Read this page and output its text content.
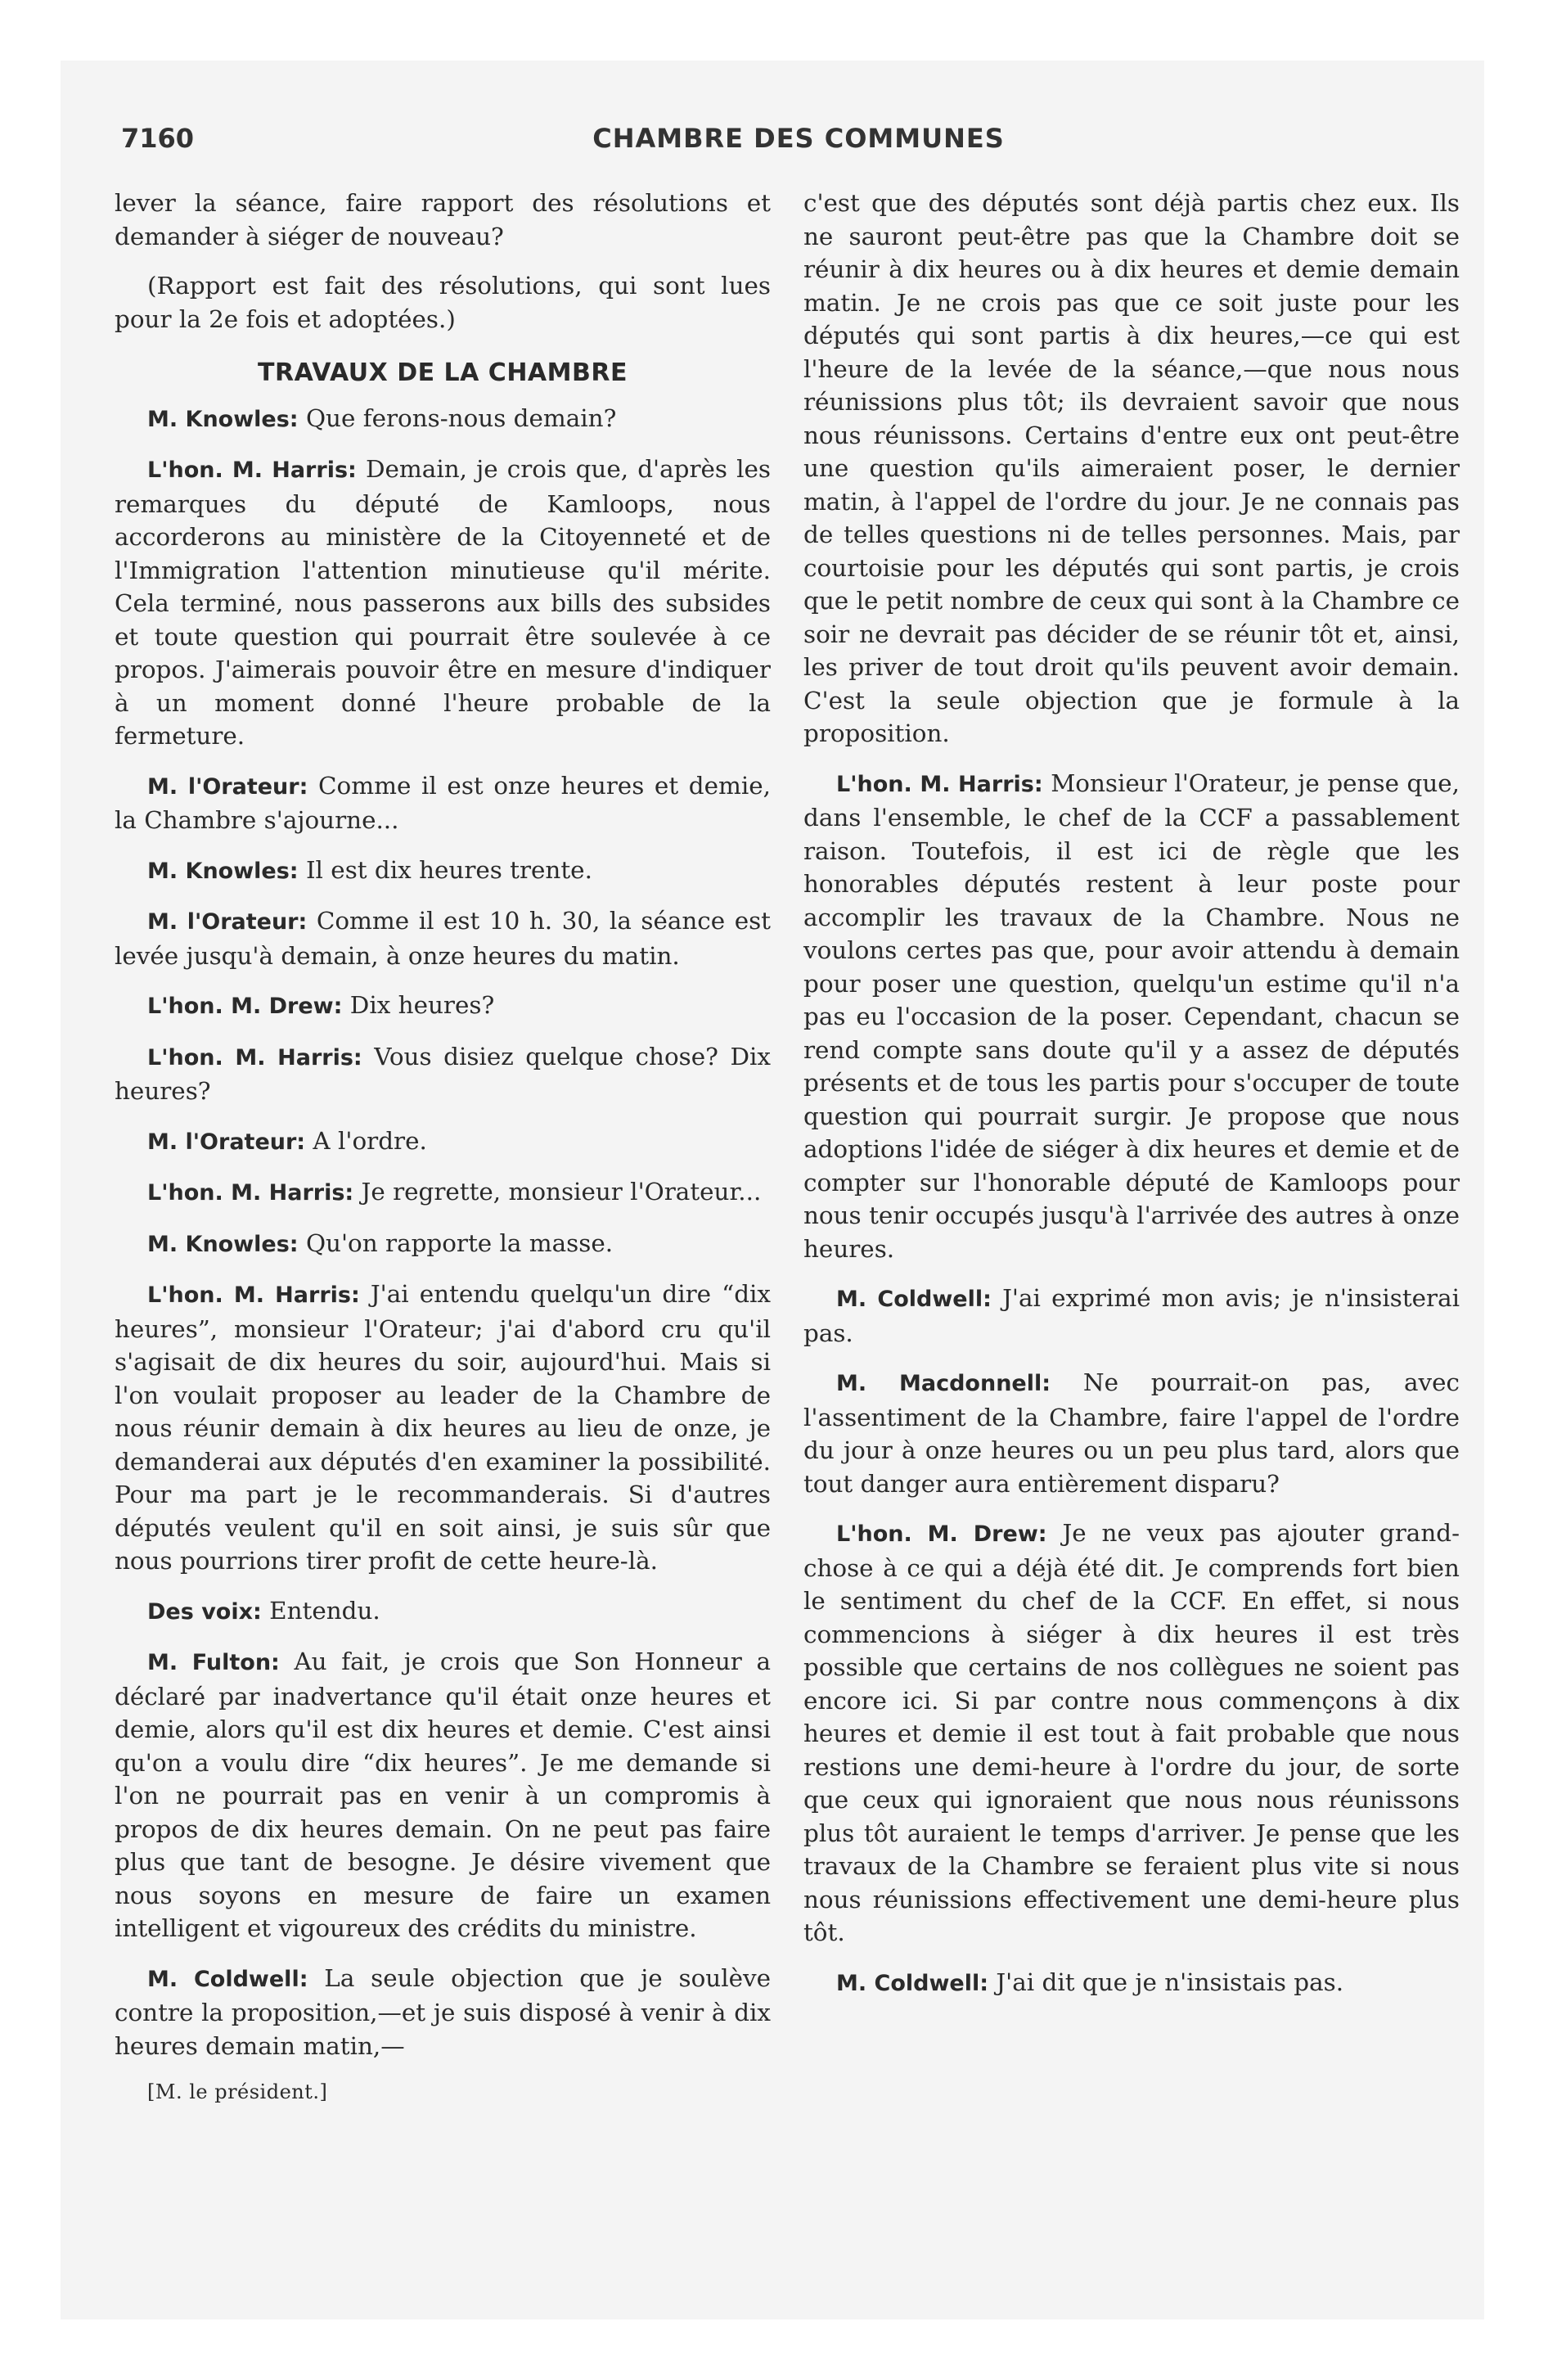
7160	CHAMBRE DES COMMUNES

lever la séance, faire rapport des résolutions et demander à siéger de nouveau?

(Rapport est fait des résolutions, qui sont lues pour la 2e fois et adoptées.)

TRAVAUX DE LA CHAMBRE

M. Knowles: Que ferons-nous demain?

L'hon. M. Harris: Demain, je crois que, d'après les remarques du député de Kamloops, nous accorderons au ministère de la Citoyenneté et de l'Immigration l'attention minutieuse qu'il mérite. Cela terminé, nous passerons aux bills des subsides et toute question qui pourrait être soulevée à ce propos. J'aimerais pouvoir être en mesure d'indiquer à un moment donné l'heure probable de la fermeture.

M. l'Orateur: Comme il est onze heures et demie, la Chambre s'ajourne...

M. Knowles: Il est dix heures trente.

M. l'Orateur: Comme il est 10 h. 30, la séance est levée jusqu'à demain, à onze heures du matin.

L'hon. M. Drew: Dix heures?

L'hon. M. Harris: Vous disiez quelque chose? Dix heures?

M. l'Orateur: A l'ordre.

L'hon. M. Harris: Je regrette, monsieur l'Orateur...

M. Knowles: Qu'on rapporte la masse.

L'hon. M. Harris: J'ai entendu quelqu'un dire “dix heures”, monsieur l'Orateur; j'ai d'abord cru qu'il s'agisait de dix heures du soir, aujourd'hui. Mais si l'on voulait proposer au leader de la Chambre de nous réunir demain à dix heures au lieu de onze, je demanderai aux députés d'en examiner la possibilité. Pour ma part je le recommanderais. Si d'autres députés veulent qu'il en soit ainsi, je suis sûr que nous pourrions tirer profit de cette heure-là.

Des voix: Entendu.

M. Fulton: Au fait, je crois que Son Honneur a déclaré par inadvertance qu'il était onze heures et demie, alors qu'il est dix heures et demie. C'est ainsi qu'on a voulu dire “dix heures”. Je me demande si l'on ne pourrait pas en venir à un compromis à propos de dix heures demain. On ne peut pas faire plus que tant de besogne. Je désire vivement que nous soyons en mesure de faire un examen intelligent et vigoureux des crédits du ministre.

M. Coldwell: La seule objection que je soulève contre la proposition,—et je suis disposé à venir à dix heures demain matin,—

[M. le président.]

c'est que des députés sont déjà partis chez eux. Ils ne sauront peut-être pas que la Chambre doit se réunir à dix heures ou à dix heures et demie demain matin. Je ne crois pas que ce soit juste pour les députés qui sont partis à dix heures,—ce qui est l'heure de la levée de la séance,—que nous nous réunissions plus tôt; ils devraient savoir que nous nous réunissons. Certains d'entre eux ont peut-être une question qu'ils aimeraient poser, le dernier matin, à l'appel de l'ordre du jour. Je ne connais pas de telles questions ni de telles personnes. Mais, par courtoisie pour les députés qui sont partis, je crois que le petit nombre de ceux qui sont à la Chambre ce soir ne devrait pas décider de se réunir tôt et, ainsi, les priver de tout droit qu'ils peuvent avoir demain. C'est la seule objection que je formule à la proposition.

L'hon. M. Harris: Monsieur l'Orateur, je pense que, dans l'ensemble, le chef de la CCF a passablement raison. Toutefois, il est ici de règle que les honorables députés restent à leur poste pour accomplir les travaux de la Chambre. Nous ne voulons certes pas que, pour avoir attendu à demain pour poser une question, quelqu'un estime qu'il n'a pas eu l'occasion de la poser. Cependant, chacun se rend compte sans doute qu'il y a assez de députés présents et de tous les partis pour s'occuper de toute question qui pourrait surgir. Je propose que nous adoptions l'idée de siéger à dix heures et demie et de compter sur l'honorable député de Kamloops pour nous tenir occupés jusqu'à l'arrivée des autres à onze heures.

M. Coldwell: J'ai exprimé mon avis; je n'insisterai pas.

M. Macdonnell: Ne pourrait-on pas, avec l'assentiment de la Chambre, faire l'appel de l'ordre du jour à onze heures ou un peu plus tard, alors que tout danger aura entièrement disparu?

L'hon. M. Drew: Je ne veux pas ajouter grand-chose à ce qui a déjà été dit. Je comprends fort bien le sentiment du chef de la CCF. En effet, si nous commencions à siéger à dix heures il est très possible que certains de nos collègues ne soient pas encore ici. Si par contre nous commençons à dix heures et demie il est tout à fait probable que nous restions une demi-heure à l'ordre du jour, de sorte que ceux qui ignoraient que nous nous réunissons plus tôt auraient le temps d'arriver. Je pense que les travaux de la Chambre se feraient plus vite si nous nous réunissions effectivement une demi-heure plus tôt.

M. Coldwell: J'ai dit que je n'insistais pas.
